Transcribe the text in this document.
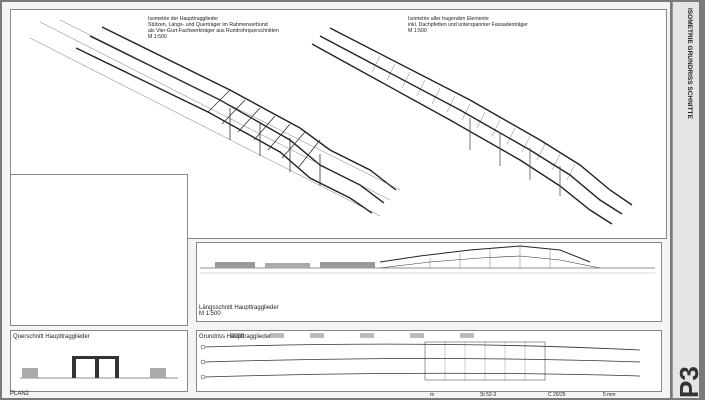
Isometrie der Haupttragglieder
Stützen, Längs- und Querträger im Rahmenverbund
als Vier-Gurt-Fachwerkträger aus Rundrohrquerschnitten
M 1:500
Isometrie aller tragenden Elemente
inkl. Dachpfetten und unterspannter Fassadenträger
M 1:500
Längsschnitt Haupttragglieder
M 1:500
Querschnitt Haupttragglieder	Grundriss Haupttragglieder
PLAN2	m	St 52-3	C 20/25	5 mm
ISOMETRIE GRUNDRISS SCHNITTE
P3
